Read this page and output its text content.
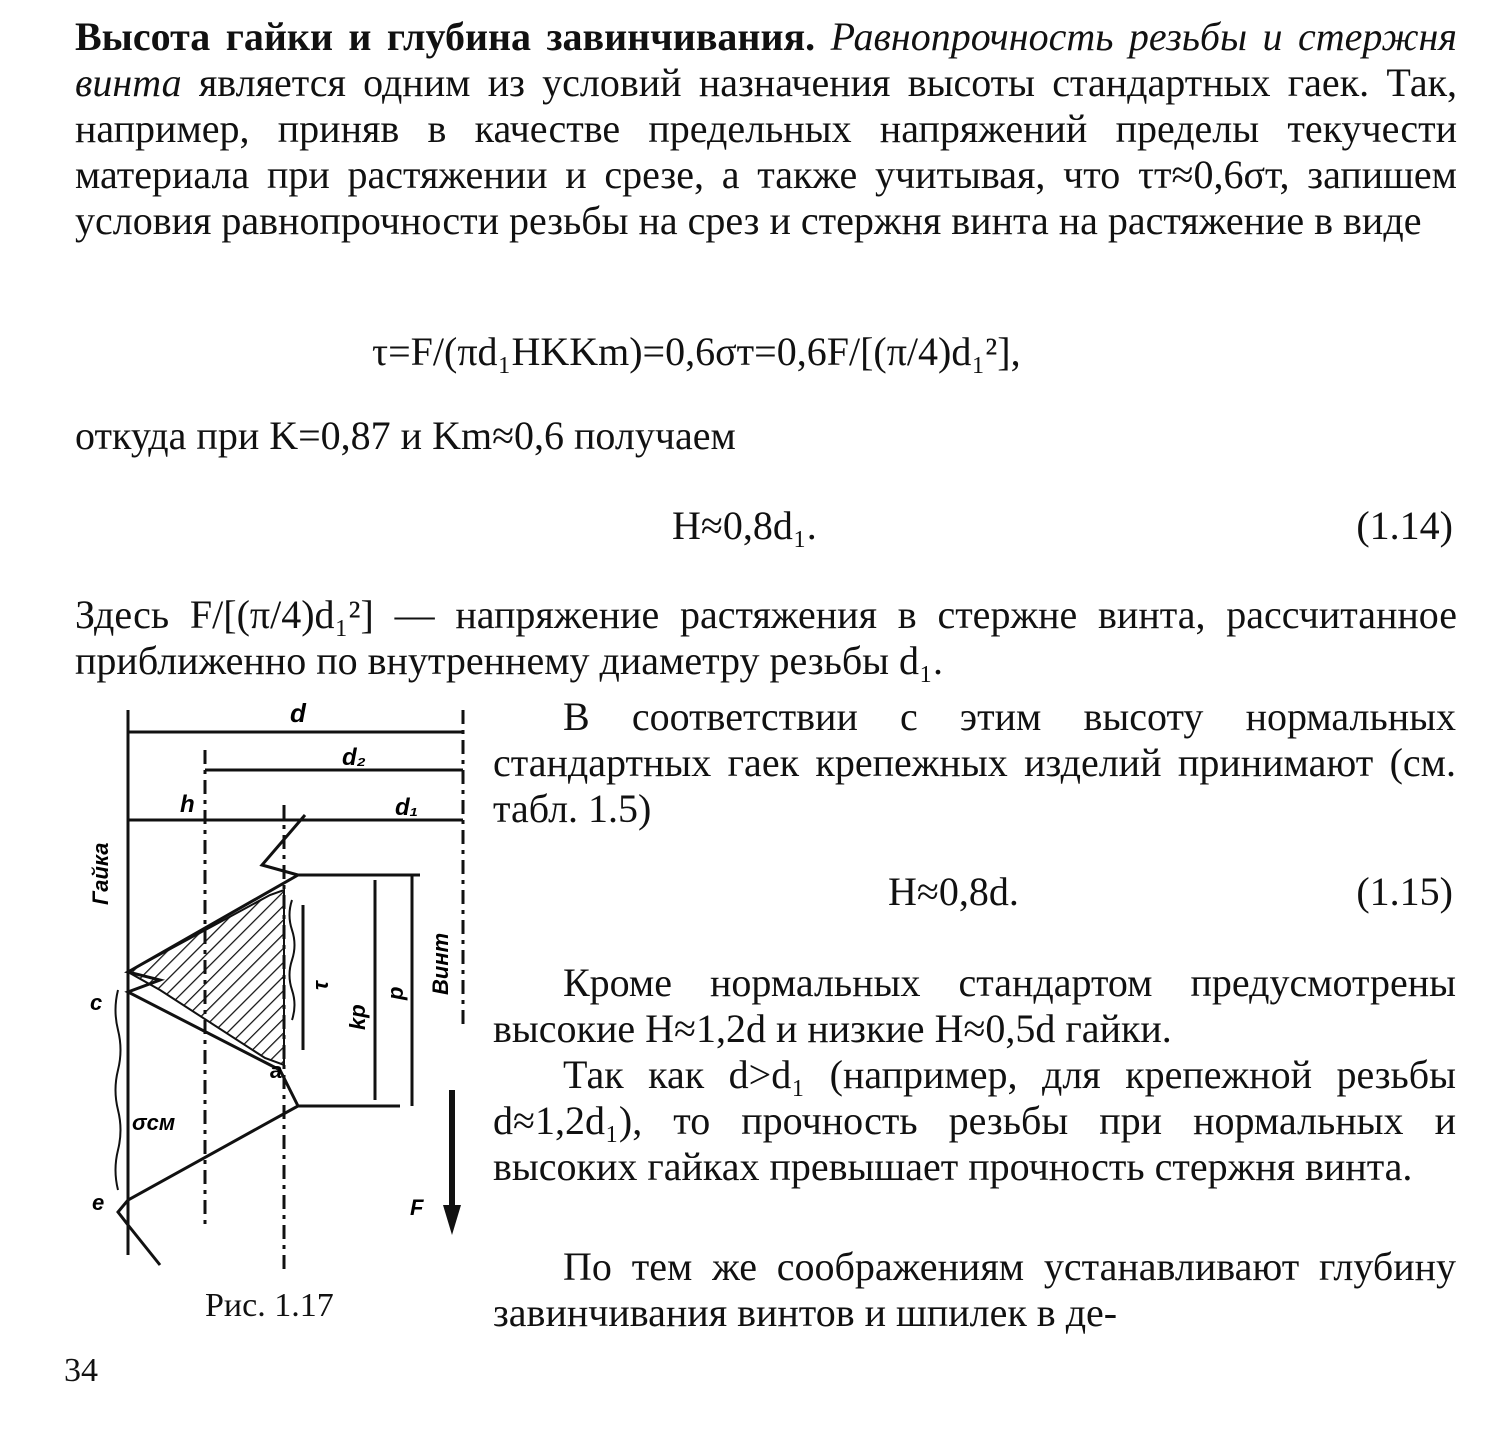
Высота гайки и глубина завинчивания. Равнопрочность резьбы и стержня винта является одним из условий назначения высоты стандартных гаек. Так, например, приняв в качестве предельных напряжений пределы текучести материала при растяжении и срезе, а также учитывая, что τт≈0,6σт, запишем условия равнопрочности резьбы на срез и стержня винта на растяжение в виде

τ=F/(πd₁HKKm)=0,6σт=0,6F/[(π/4)d₁²],

откуда при K=0,87 и Km≈0,6 получаем

H≈0,8d₁.	(1.14)

Здесь F/[(π/4)d₁²] — напряжение растяжения в стержне винта, рассчитанное приближенно по внутреннему диаметру резьбы d₁.

В соответствии с этим высоту нормальных стандартных гаек крепежных изделий принимают (см. табл. 1.5)

H≈0,8d.	(1.15)

Кроме нормальных стандартом предусмотрены высокие H≈1,2d и низкие H≈0,5d гайки.

Так как d>d₁ (например, для крепежной резьбы d≈1,2d₁), то прочность резьбы при нормальных и высоких гайках превышает прочность стержня винта.

По тем же соображениям устанавливают глубину завинчивания винтов и шпилек в де-

d
d₂
h	d₁
Гайка
Винт
c
e
a
σсм
τ
kp
p
F
Рис. 1.17
34
